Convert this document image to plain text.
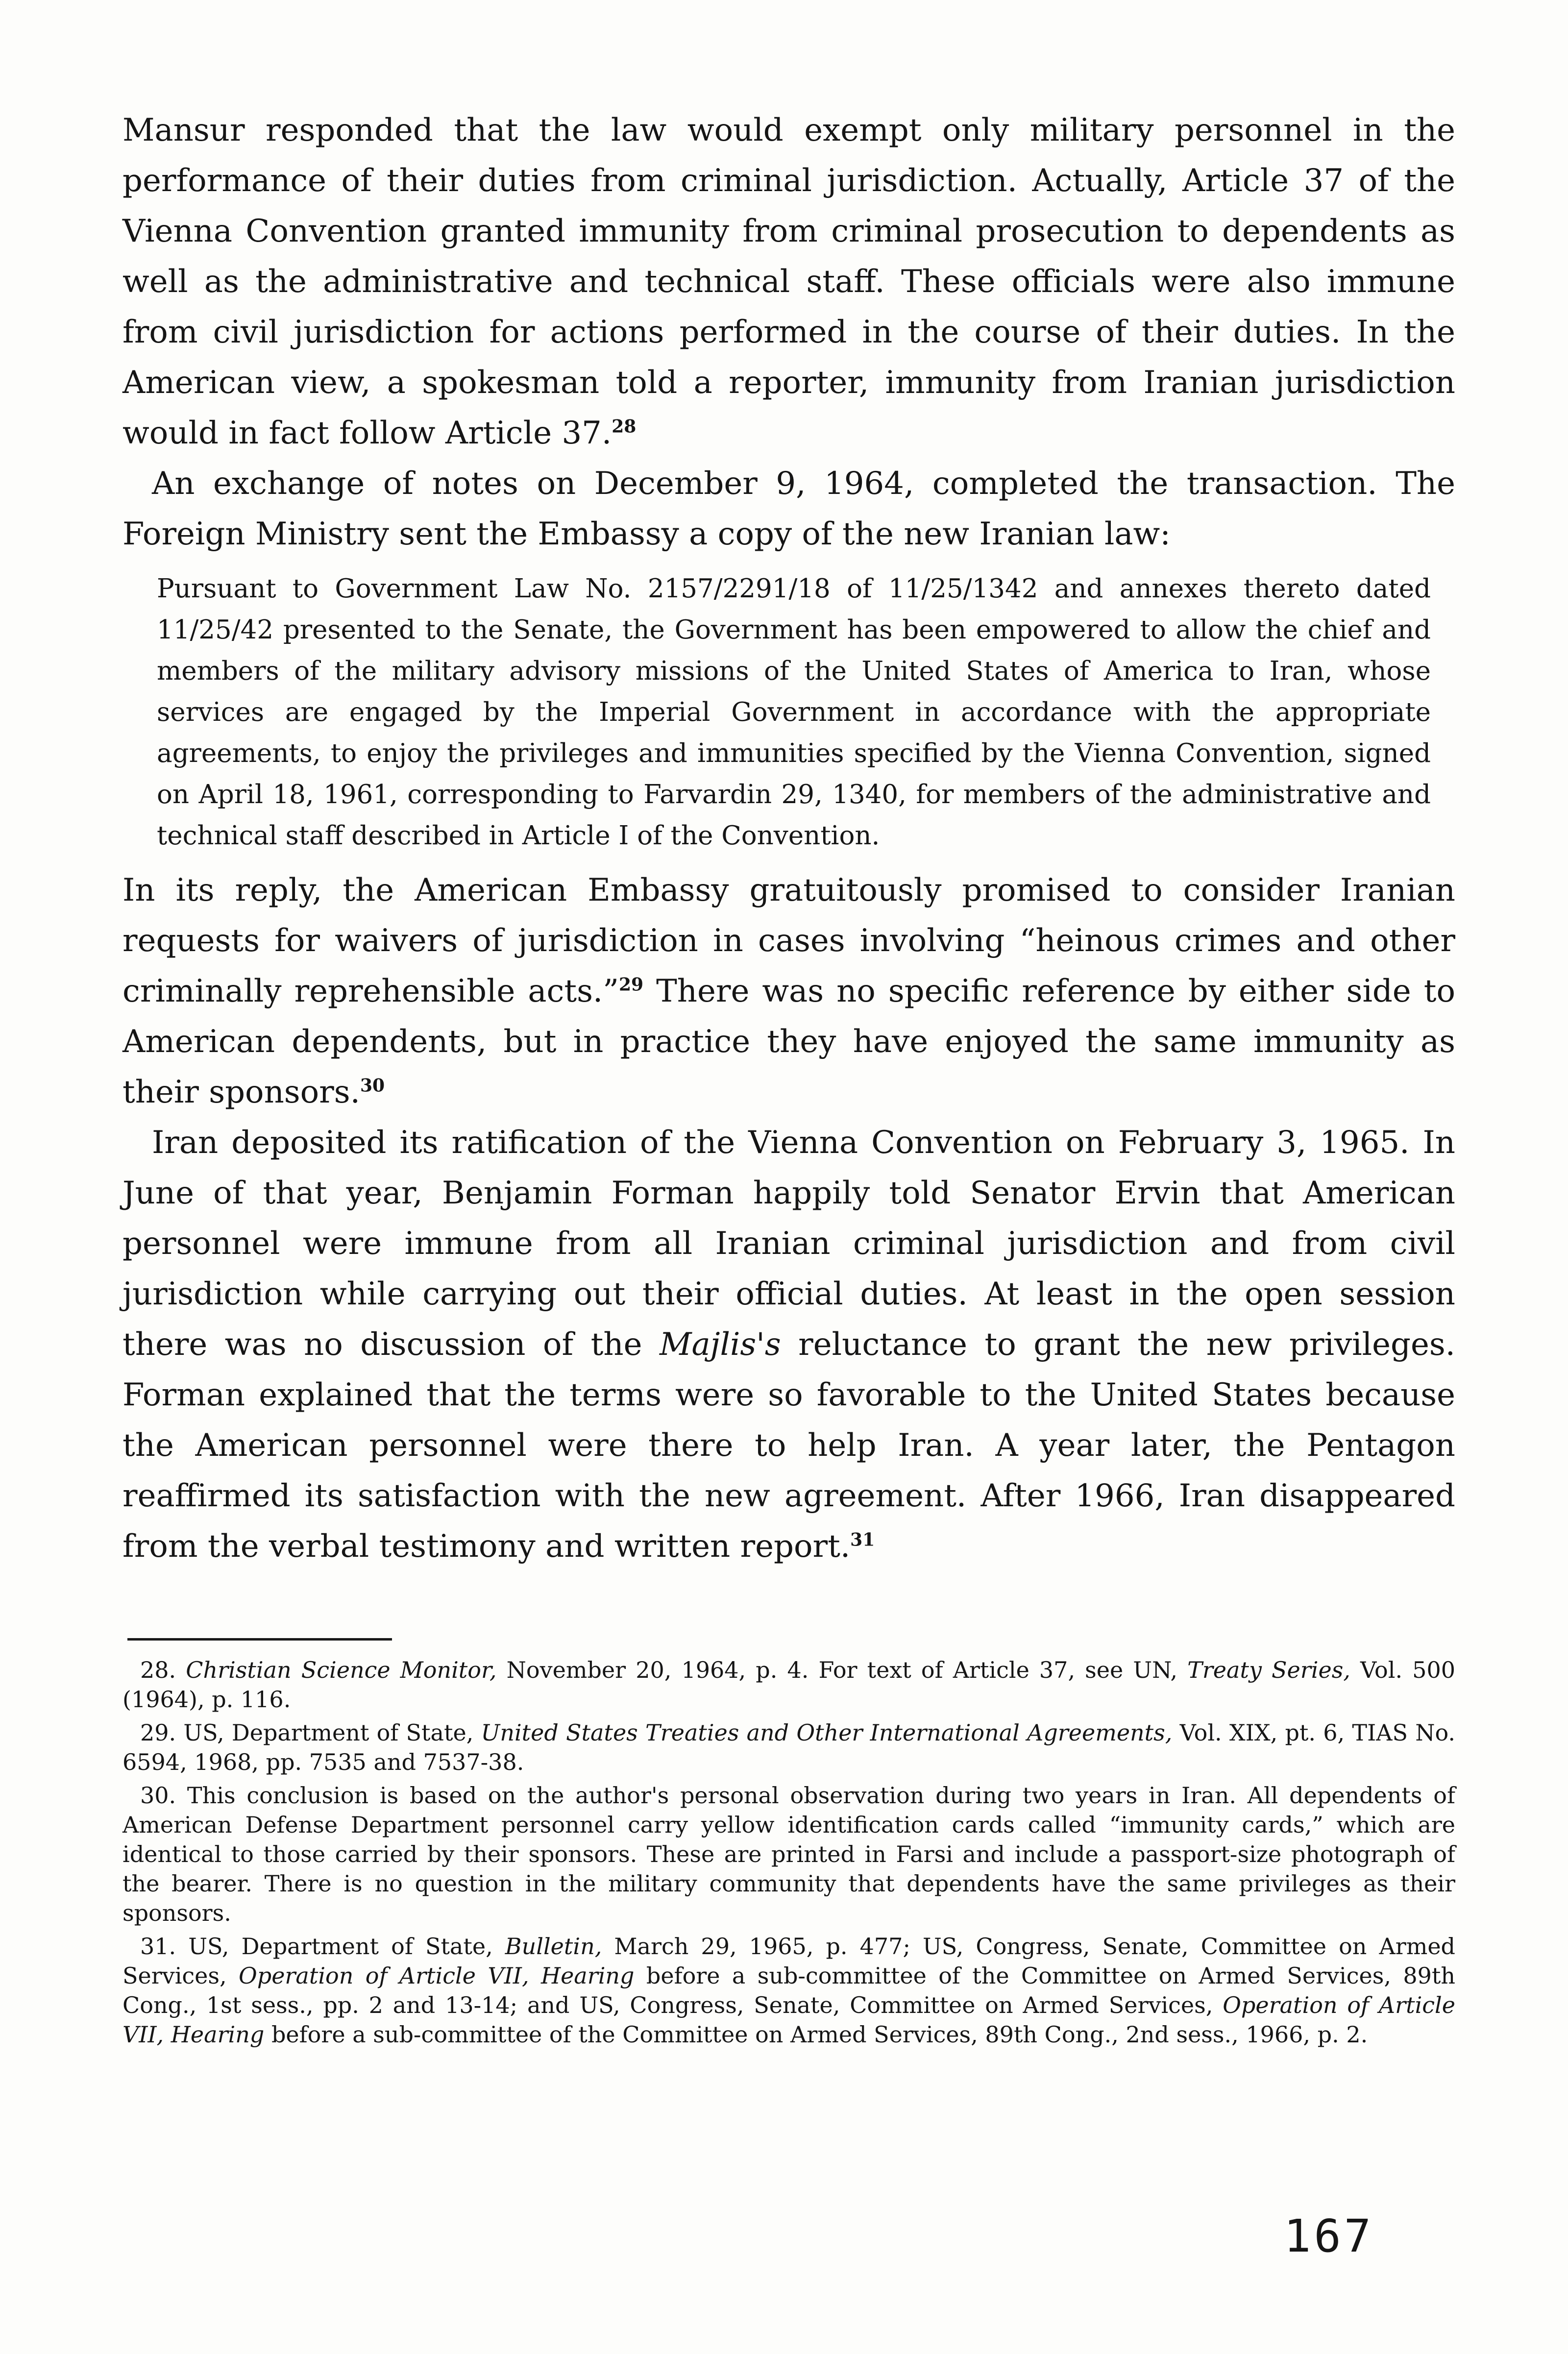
Mansur responded that the law would exempt only military personnel in the performance of their duties from criminal jurisdiction. Actually, Article 37 of the Vienna Convention granted immunity from criminal prosecution to dependents as well as the administrative and technical staff. These officials were also immune from civil jurisdiction for actions performed in the course of their duties. In the American view, a spokesman told a reporter, immunity from Iranian jurisdiction would in fact follow Article 37.28

An exchange of notes on December 9, 1964, completed the transaction. The Foreign Ministry sent the Embassy a copy of the new Iranian law:

Pursuant to Government Law No. 2157/2291/18 of 11/25/1342 and annexes thereto dated 11/25/42 presented to the Senate, the Government has been empowered to allow the chief and members of the military advisory missions of the United States of America to Iran, whose services are engaged by the Imperial Government in accordance with the appropriate agreements, to enjoy the privileges and immunities specified by the Vienna Convention, signed on April 18, 1961, corresponding to Farvardin 29, 1340, for members of the administrative and technical staff described in Article I of the Convention.

In its reply, the American Embassy gratuitously promised to consider Iranian requests for waivers of jurisdiction in cases involving “heinous crimes and other criminally reprehensible acts.”$^{29}$ There was no specific reference by either side to American dependents, but in practice they have enjoyed the same immunity as their sponsors.$^{30}$

Iran deposited its ratification of the Vienna Convention on February 3, 1965. In June of that year, Benjamin Forman happily told Senator Ervin that American personnel were immune from all Iranian criminal jurisdiction and from civil jurisdiction while carrying out their official duties. At least in the open session there was no discussion of the Majlis's reluctance to grant the new privileges. Forman explained that the terms were so favorable to the United States because the American personnel were there to help Iran. A year later, the Pentagon reaffirmed its satisfaction with the new agreement. After 1966, Iran disappeared from the verbal testimony and written report.$^{31}$

28. Christian Science Monitor, November 20, 1964, p. 4. For text of Article 37, see UN, Treaty Series, Vol. 500 (1964), p. 116.

29. US, Department of State, United States Treaties and Other International Agreements, Vol. XIX, pt. 6, TIAS No. 6594, 1968, pp. 7535 and 7537-38.

30. This conclusion is based on the author's personal observation during two years in Iran. All dependents of American Defense Department personnel carry yellow identification cards called “immunity cards,” which are identical to those carried by their sponsors. These are printed in Farsi and include a passport-size photograph of the bearer. There is no question in the military community that dependents have the same privileges as their sponsors.

31. US, Department of State, Bulletin, March 29, 1965, p. 477; US, Congress, Senate, Committee on Armed Services, Operation of Article VII, Hearing before a sub-committee of the Committee on Armed Services, 89th Cong., 1st sess., pp. 2 and 13-14; and US, Congress, Senate, Committee on Armed Services, Operation of Article VII, Hearing before a sub-committee of the Committee on Armed Services, 89th Cong., 2nd sess., 1966, p. 2.

167
